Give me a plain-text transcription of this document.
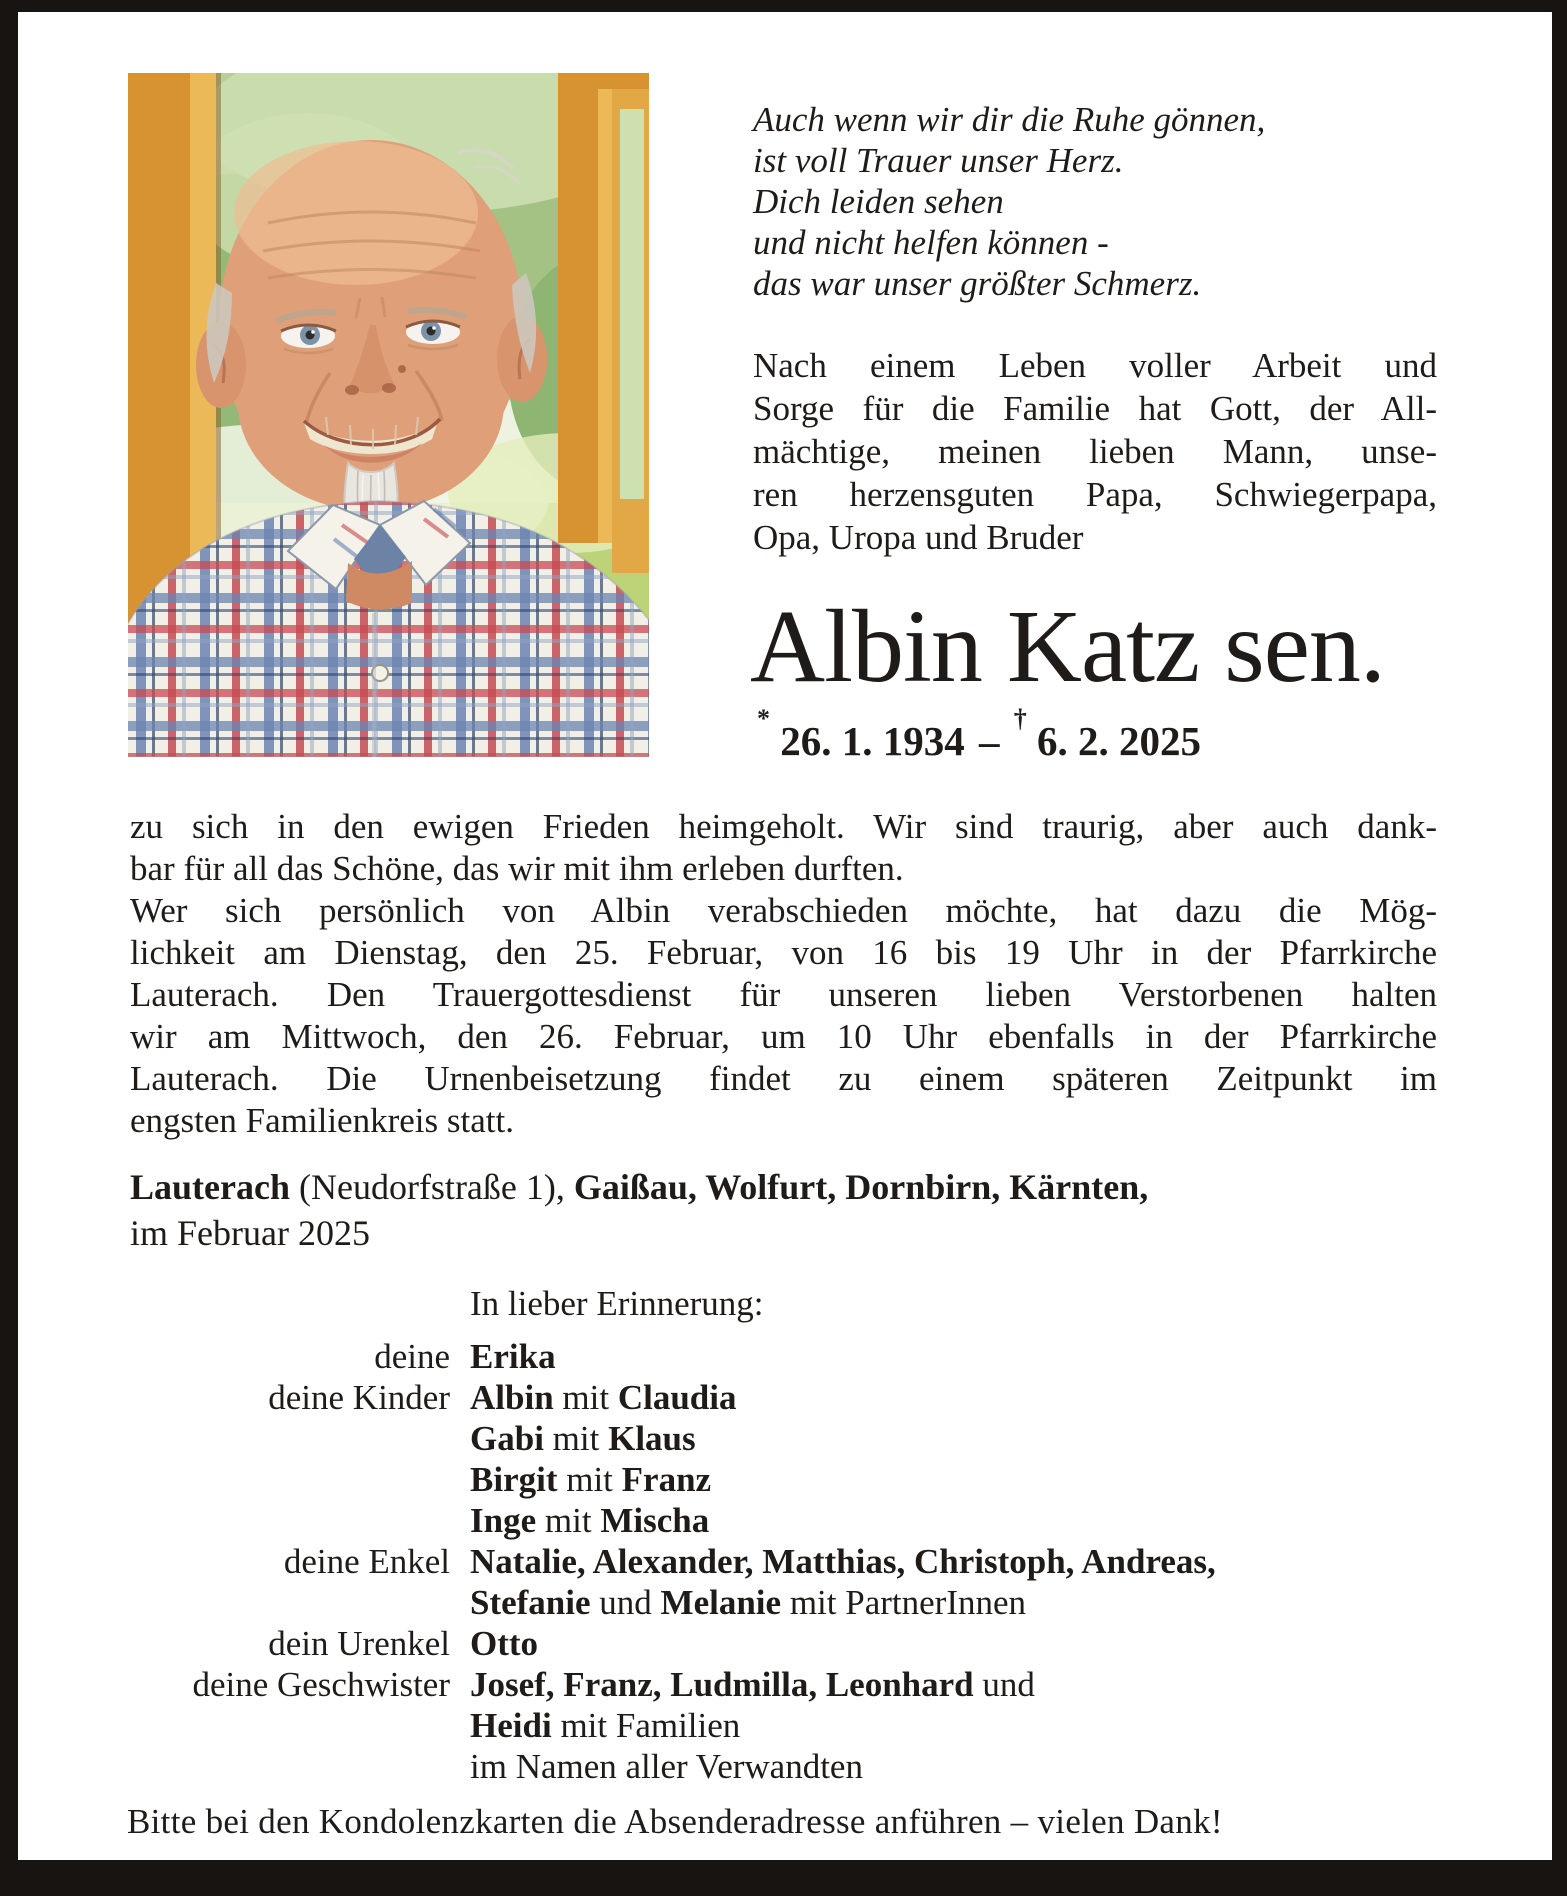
Auch wenn wir dir die Ruhe gönnen,
ist voll Trauer unser Herz.
Dich leiden sehen
und nicht helfen können -
das war unser größter Schmerz.
Nach einem Leben voller Arbeit und
Sorge für die Familie hat Gott, der All-
mächtige, meinen lieben Mann, unse-
ren herzensguten Papa, Schwiegerpapa,
Opa, Uropa und Bruder
Albin Katz sen.
* 26. 1. 1934 – † 6. 2. 2025
zu sich in den ewigen Frieden heimgeholt. Wir sind traurig, aber auch dank-
bar für all das Schöne, das wir mit ihm erleben durften.
Wer sich persönlich von Albin verabschieden möchte, hat dazu die Mög-
lichkeit am Dienstag, den 25. Februar, von 16 bis 19 Uhr in der Pfarrkirche
Lauterach. Den Trauergottesdienst für unseren lieben Verstorbenen halten
wir am Mittwoch, den 26. Februar, um 10 Uhr ebenfalls in der Pfarrkirche
Lauterach. Die Urnenbeisetzung findet zu einem späteren Zeitpunkt im
engsten Familienkreis statt.
Lauterach (Neudorfstraße 1), Gaißau, Wolfurt, Dornbirn, Kärnten,
im Februar 2025
In lieber Erinnerung:
deine Erika
deine Kinder Albin mit Claudia
Gabi mit Klaus
Birgit mit Franz
Inge mit Mischa
deine Enkel Natalie, Alexander, Matthias, Christoph, Andreas,
Stefanie und Melanie mit PartnerInnen
dein Urenkel Otto
deine Geschwister Josef, Franz, Ludmilla, Leonhard und
Heidi mit Familien
im Namen aller Verwandten
Bitte bei den Kondolenzkarten die Absenderadresse anführen – vielen Dank!
